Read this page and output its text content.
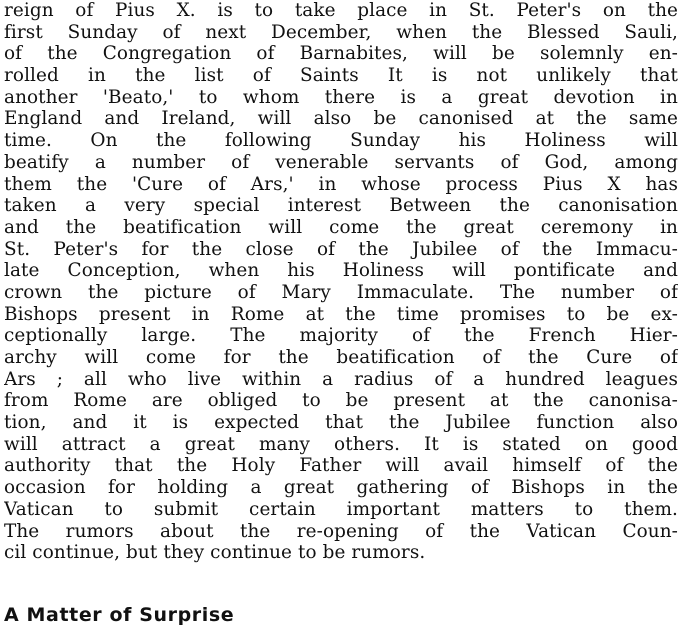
reign of Pius X. is to take place in St. Peter's on the
first Sunday of next December, when the Blessed Sauli,
of the Congregation of Barnabites, will be solemnly en-
rolled in the list of Saints It is not unlikely that
another 'Beato,' to whom there is a great devotion in
England and Ireland, will also be canonised at the same
time. On the following Sunday his Holiness will
beatify a number of venerable servants of God, among
them the 'Cure of Ars,' in whose process Pius X has
taken a very special interest Between the canonisation
and the beatification will come the great ceremony in
St. Peter's for the close of the Jubilee of the Immacu-
late Conception, when his Holiness will pontificate and
crown the picture of Mary Immaculate. The number of
Bishops present in Rome at the time promises to be ex-
ceptionally large. The majority of the French Hier-
archy will come for the beatification of the Cure of
Ars ; all who live within a radius of a hundred leagues
from Rome are obliged to be present at the canonisa-
tion, and it is expected that the Jubilee function also
will attract a great many others. It is stated on good
authority that the Holy Father will avail himself of the
occasion for holding a great gathering of Bishops in the
Vatican to submit certain important matters to them.
The rumors about the re-opening of the Vatican Coun-
cil continue, but they continue to be rumors.
A Matter of Surprise
